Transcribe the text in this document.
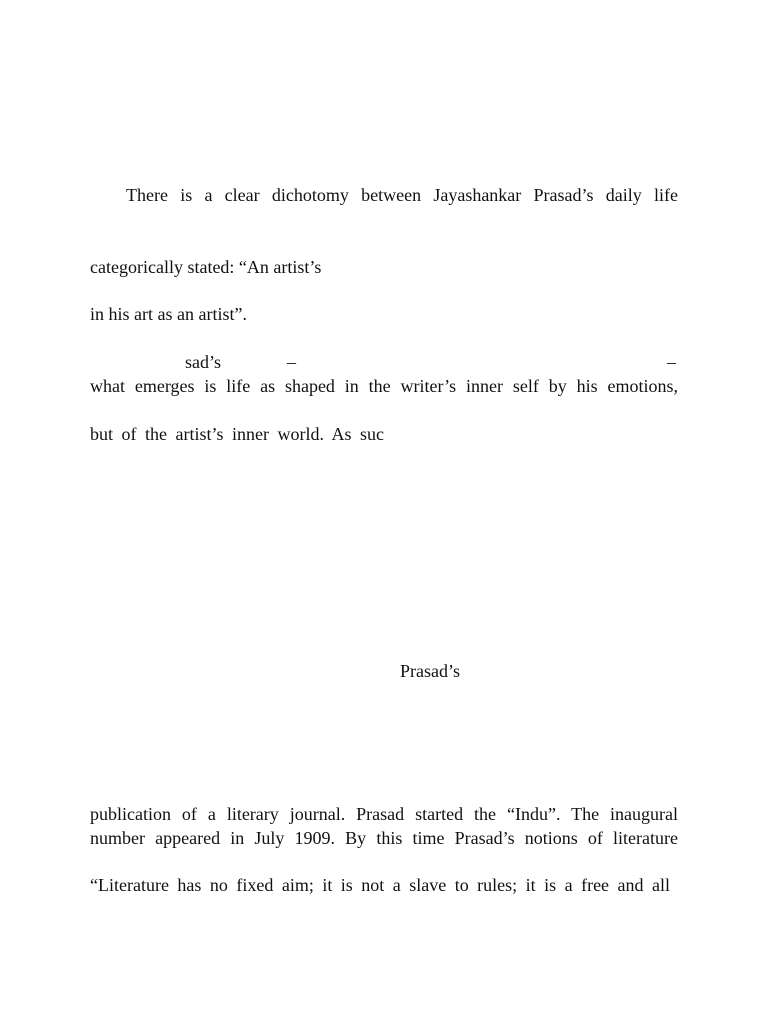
There is a clear dichotomy between Jayashankar Prasad’s daily life
categorically stated: “An artist’s
in his art as an artist”.
sad’s	–	–
what emerges is life as shaped in the writer’s inner self by his emotions,
but of the artist’s inner world. As suc
Prasad’s
publication of a literary journal. Prasad started the “Indu”. The inaugural
number appeared in July 1909. By this time Prasad’s notions of literature
“Literature has no fixed aim; it is not a slave to rules; it is a free and all
